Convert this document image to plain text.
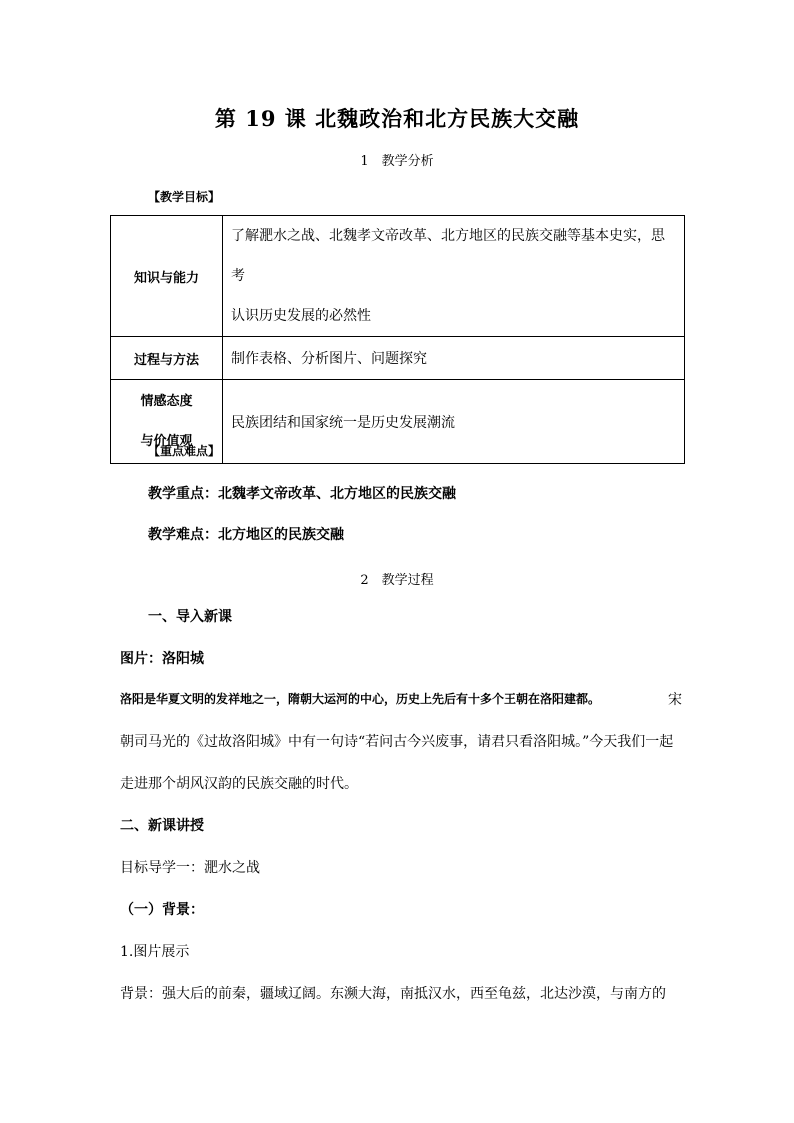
第 19 课 北魏政治和北方民族大交融
1　教学分析
【教学目标】
知识与能力	了解淝水之战、北魏孝文帝改革、北方地区的民族交融等基本史实，思考
认识历史发展的必然性

过程与方法	制作表格、分析图片、问题探究

情感态度
与价值观	民族团结和国家统一是历史发展潮流
【重点难点】
教学重点：北魏孝文帝改革、北方地区的民族交融
教学难点：北方地区的民族交融
2　教学过程
一、导入新课
图片：洛阳城
洛阳是华夏文明的发祥地之一，隋朝大运河的中心，历史上先后有十多个王朝在洛阳建都。	宋
朝司马光的《过故洛阳城》中有一句诗“若问古今兴废事，请君只看洛阳城。”今天我们一起
走进那个胡风汉韵的民族交融的时代。
二、新课讲授
目标导学一：淝水之战
（一）背景：
1.图片展示
背景：强大后的前秦，疆域辽阔。东濒大海，南抵汉水，西至龟兹，北达沙漠，与南方的
